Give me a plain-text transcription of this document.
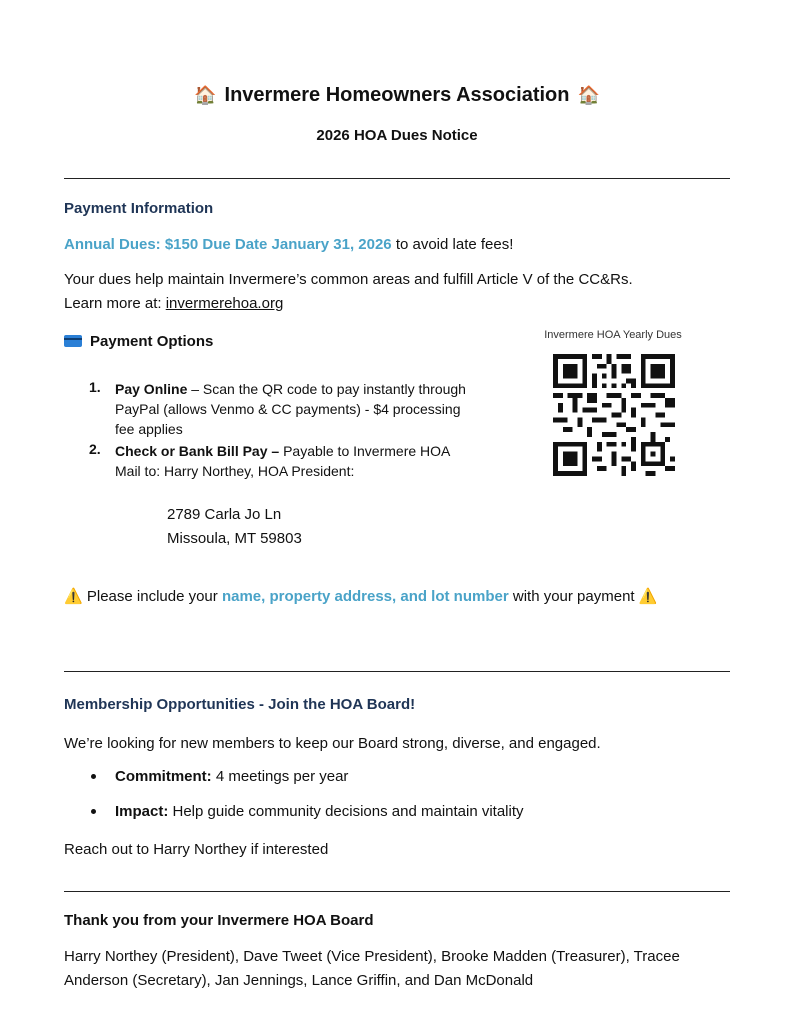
🏠 Invermere Homeowners Association 🏠
2026 HOA Dues Notice
Payment Information
Annual Dues: $150 Due Date January 31, 2026 to avoid late fees!
Your dues help maintain Invermere’s common areas and fulfill Article V of the CC&Rs.
Learn more at: invermerehoa.org
Payment Options
1. Pay Online – Scan the QR code to pay instantly through
PayPal (allows Venmo & CC payments) - $4 processing
fee applies
2. Check or Bank Bill Pay – Payable to Invermere HOA
Mail to: Harry Northey, HOA President:
2789 Carla Jo Ln
Missoula, MT 59803
Invermere HOA Yearly Dues
⚠️ Please include your name, property address, and lot number with your payment ⚠️
Membership Opportunities - Join the HOA Board!
We’re looking for new members to keep our Board strong, diverse, and engaged.
Commitment: 4 meetings per year
Impact: Help guide community decisions and maintain vitality
Reach out to Harry Northey if interested
Thank you from your Invermere HOA Board
Harry Northey (President), Dave Tweet (Vice President), Brooke Madden (Treasurer), Tracee
Anderson (Secretary), Jan Jennings, Lance Griffin, and Dan McDonald
